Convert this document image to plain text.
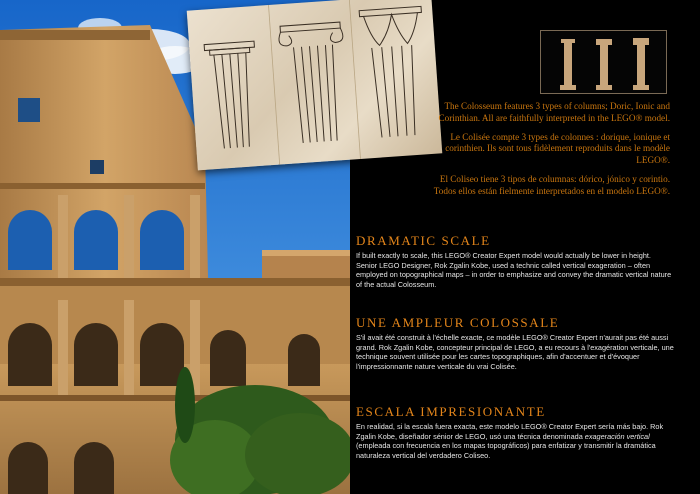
The Colosseum features 3 types of columns; Doric, Ionic and Corinthian. All are faithfully interpreted in the LEGO® model.

Le Colisée compte 3 types de colonnes : dorique, ionique et corinthien. Ils sont tous fidèlement reproduits dans le modèle LEGO®.

El Coliseo tiene 3 tipos de columnas: dórico, jónico y corintio. Todos ellos están fielmente interpretados en el modelo LEGO®.

DRAMATIC SCALE

If built exactly to scale, this LEGO® Creator Expert model would actually be lower in height. Senior LEGO Designer, Rok Zgalin Kobe, used a technic called vertical exageration – often employed on topographical maps – in order to emphasize and convey the dramatic vertical nature of the actual Colosseum.

UNE AMPLEUR COLOSSALE

S'il avait été construit à l'échelle exacte, ce modèle LEGO® Creator Expert n'aurait pas été aussi grand. Rok Zgalin Kobe, concepteur principal de LEGO, a eu recours à l'exagération verticale, une technique souvent utilisée pour les cartes topographiques, afin d'accentuer et d'évoquer l'impressionnante nature verticale du vrai Colisée.

ESCALA IMPRESIONANTE

En realidad, si la escala fuera exacta, este modelo LEGO® Creator Expert sería más bajo. Rok Zgalin Kobe, diseñador sénior de LEGO, usó una técnica denominada exageración vertical (empleada con frecuencia en los mapas topográficos) para enfatizar y transmitir la dramática naturaleza vertical del verdadero Coliseo.
